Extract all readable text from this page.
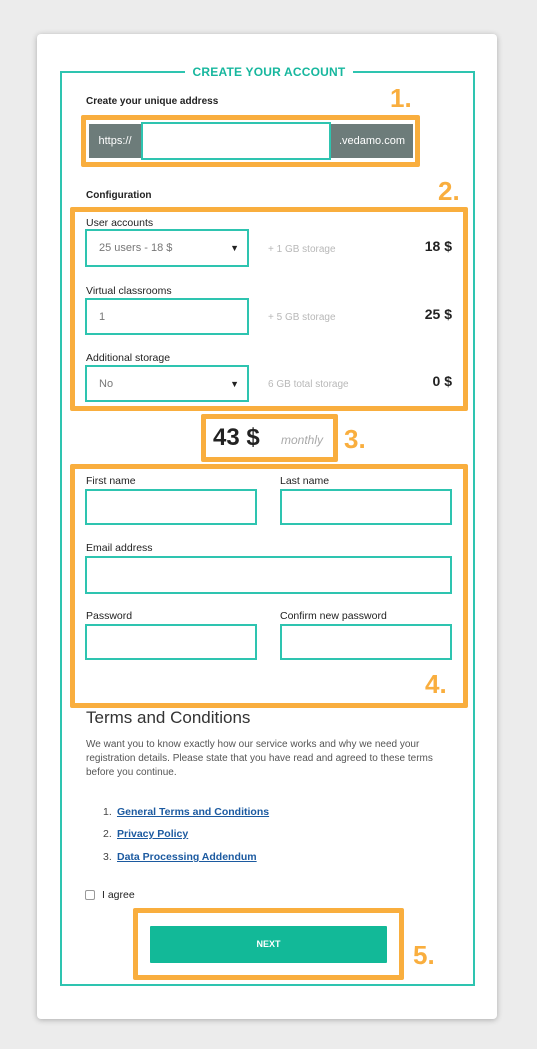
CREATE YOUR ACCOUNT
Create your unique address
https://	.vedamo.com
Configuration
User accounts
25 users - 18 $	▼	+ 1 GB storage	18 $
Virtual classrooms
1	+ 5 GB storage	25 $
Additional storage
No	▼	6 GB total storage	0 $
43 $ monthly
First name	Last name
Email address
Password	Confirm new password
Terms and Conditions
We want you to know exactly how our service works and why we need your registration details. Please state that you have read and agreed to these terms before you continue.
1. General Terms and Conditions
2. Privacy Policy
3. Data Processing Addendum
I agree
NEXT
1.
2.
3.
4.
5.
